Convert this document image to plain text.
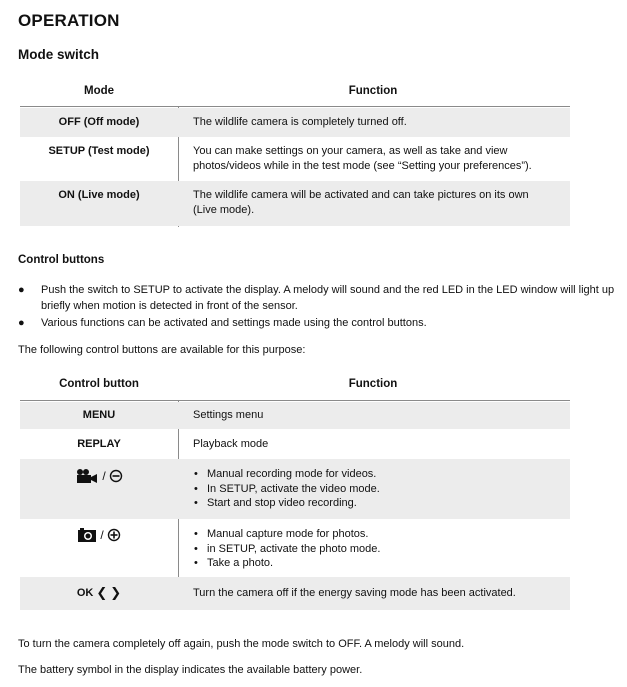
OPERATION
Mode switch
Mode	Function
OFF (Off mode)	The wildlife camera is completely turned off.
SETUP (Test mode)	You can make settings on your camera, as well as take and view
photos/videos while in the test mode (see “Setting your preferences”).
ON (Live mode)	The wildlife camera will be activated and can take pictures on its own
(Live mode).
Control buttons
●	Push the switch to SETUP to activate the display. A melody will sound and the red LED in the LED window will light up
briefly when motion is detected in front of the sensor.
●	Various functions can be activated and settings made using the control buttons.
The following control buttons are available for this purpose:
Control button	Function
MENU	Settings menu
REPLAY	Playback mode
/	• Manual recording mode for videos.
• In SETUP, activate the video mode.
• Start and stop video recording.
/	• Manual capture mode for photos.
• in SETUP, activate the photo mode.
• Take a photo.
OK ❮ ❯	Turn the camera off if the energy saving mode has been activated.
To turn the camera completely off again, push the mode switch to OFF. A melody will sound.
The battery symbol in the display indicates the available battery power.
